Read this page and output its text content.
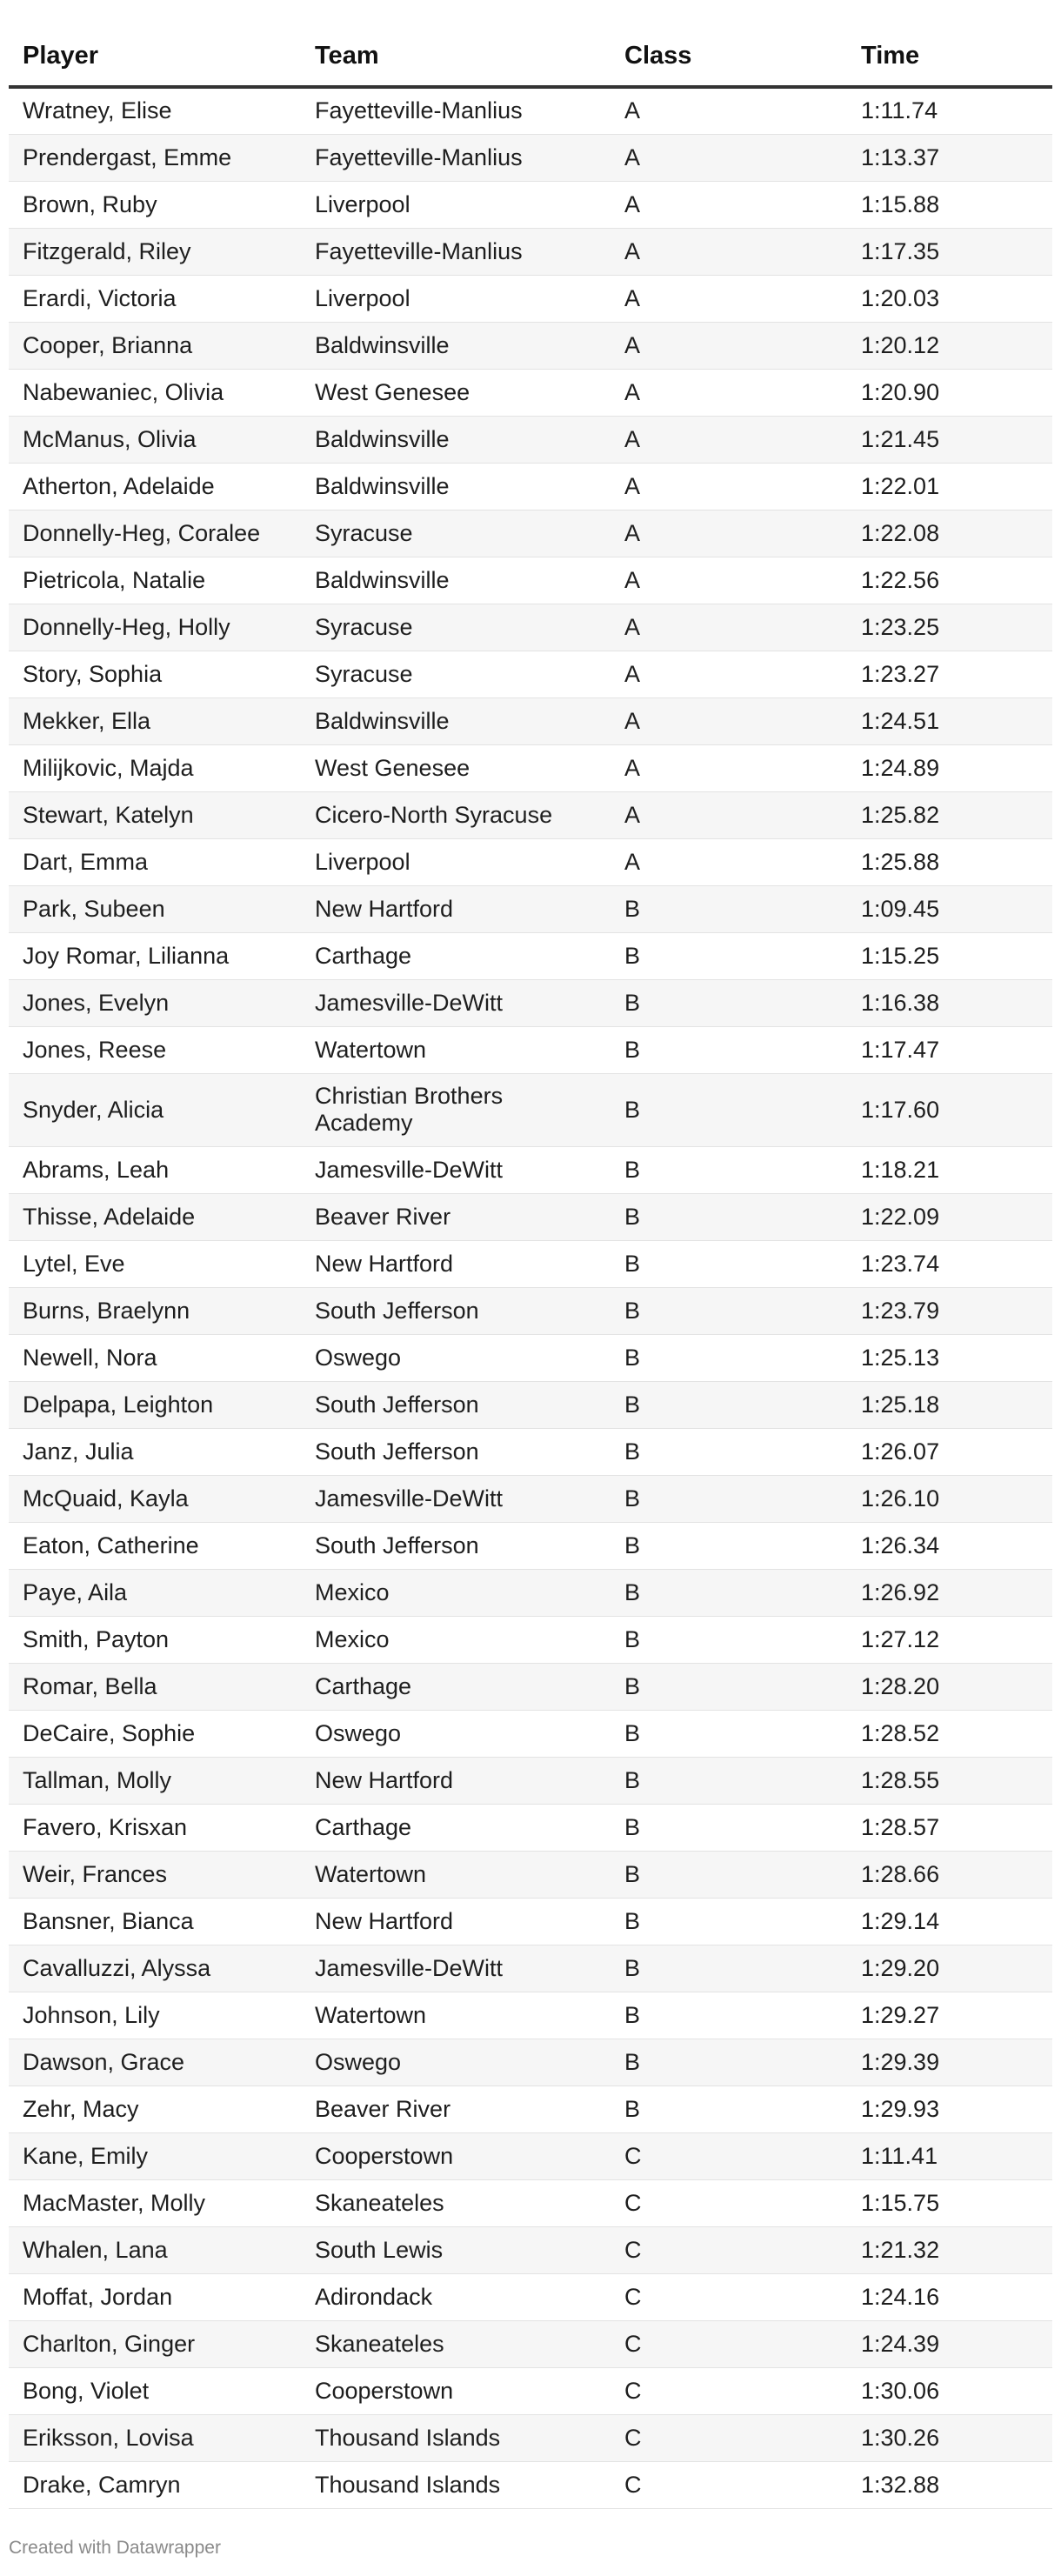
Player	Team	Class	Time
Wratney, Elise	Fayetteville-Manlius	A	1:11.74
Prendergast, Emme	Fayetteville-Manlius	A	1:13.37
Brown, Ruby	Liverpool	A	1:15.88
Fitzgerald, Riley	Fayetteville-Manlius	A	1:17.35
Erardi, Victoria	Liverpool	A	1:20.03
Cooper, Brianna	Baldwinsville	A	1:20.12
Nabewaniec, Olivia	West Genesee	A	1:20.90
McManus, Olivia	Baldwinsville	A	1:21.45
Atherton, Adelaide	Baldwinsville	A	1:22.01
Donnelly-Heg, Coralee	Syracuse	A	1:22.08
Pietricola, Natalie	Baldwinsville	A	1:22.56
Donnelly-Heg, Holly	Syracuse	A	1:23.25
Story, Sophia	Syracuse	A	1:23.27
Mekker, Ella	Baldwinsville	A	1:24.51
Milijkovic, Majda	West Genesee	A	1:24.89
Stewart, Katelyn	Cicero-North Syracuse	A	1:25.82
Dart, Emma	Liverpool	A	1:25.88
Park, Subeen	New Hartford	B	1:09.45
Joy Romar, Lilianna	Carthage	B	1:15.25
Jones, Evelyn	Jamesville-DeWitt	B	1:16.38
Jones, Reese	Watertown	B	1:17.47
Snyder, Alicia	Christian Brothers Academy	B	1:17.60
Abrams, Leah	Jamesville-DeWitt	B	1:18.21
Thisse, Adelaide	Beaver River	B	1:22.09
Lytel, Eve	New Hartford	B	1:23.74
Burns, Braelynn	South Jefferson	B	1:23.79
Newell, Nora	Oswego	B	1:25.13
Delpapa, Leighton	South Jefferson	B	1:25.18
Janz, Julia	South Jefferson	B	1:26.07
McQuaid, Kayla	Jamesville-DeWitt	B	1:26.10
Eaton, Catherine	South Jefferson	B	1:26.34
Paye, Aila	Mexico	B	1:26.92
Smith, Payton	Mexico	B	1:27.12
Romar, Bella	Carthage	B	1:28.20
DeCaire, Sophie	Oswego	B	1:28.52
Tallman, Molly	New Hartford	B	1:28.55
Favero, Krisxan	Carthage	B	1:28.57
Weir, Frances	Watertown	B	1:28.66
Bansner, Bianca	New Hartford	B	1:29.14
Cavalluzzi, Alyssa	Jamesville-DeWitt	B	1:29.20
Johnson, Lily	Watertown	B	1:29.27
Dawson, Grace	Oswego	B	1:29.39
Zehr, Macy	Beaver River	B	1:29.93
Kane, Emily	Cooperstown	C	1:11.41
MacMaster, Molly	Skaneateles	C	1:15.75
Whalen, Lana	South Lewis	C	1:21.32
Moffat, Jordan	Adirondack	C	1:24.16
Charlton, Ginger	Skaneateles	C	1:24.39
Bong, Violet	Cooperstown	C	1:30.06
Eriksson, Lovisa	Thousand Islands	C	1:30.26
Drake, Camryn	Thousand Islands	C	1:32.88
Created with Datawrapper
